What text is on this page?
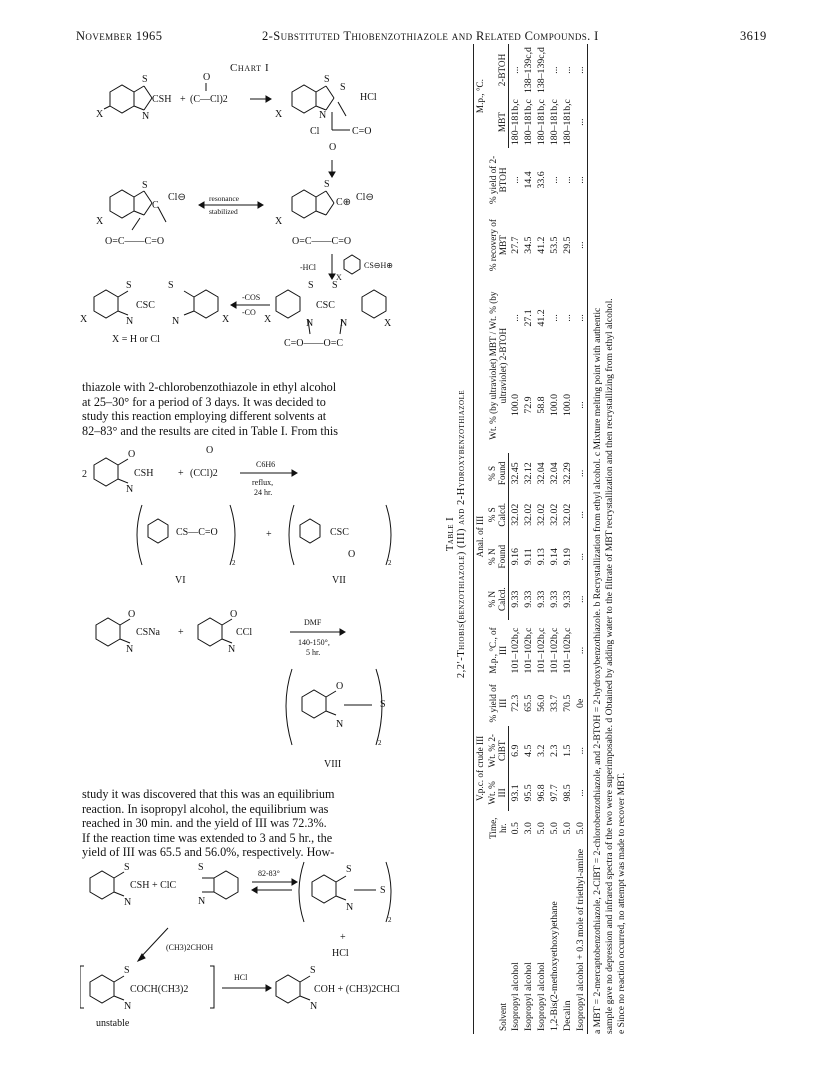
November 1965	2-Substituted Thiobenzothiazole and Related Compounds. I	3619
Chart I
S
CSH
N
X
+
O
(C—Cl)2
S
S
N
X
HCl
Cl	C=O
O
S
C
Cl⊖
X
O=C——C=O
resonance
stabilized
S
C⊕ Cl⊖
X
O=C——C=O
-HCl	CS⊖H⊕
X
S	S
CSC
N	N
X	X
X = H or Cl
-COS
-CO
S S
CSC
N	N
X	X
C=O——O=C
thiazole with 2-chlorobenzothiazole in ethyl alcohol
at 25–30° for a period of 3 days. It was decided to
study this reaction employing different solvents at
82–83° and the results are cited in Table I. From this
2
O
CSH
N
+
O
(CCl)2
C6H6
reflux,
24 hr.
CS—C=O
2
VI
+	CSC
O
2
VII
O
CSNa
N
+
O
CCl
N
DMF
140-150°,
5 hr.
O
N
S
2
VIII
study it was discovered that this was an equilibrium
reaction. In isopropyl alcohol, the equilibrium was
reached in 30 min. and the yield of III was 72.3%.
If the reaction time was extended to 3 and 5 hr., the
yield of III was 65.5 and 56.0%, respectively. How-
S
CSH + ClC
N
S
N
82-83°	S
N
S
2
+
HCl
(CH3)2CHOH
S
COCH(CH3)2
N
HCl
S
COH + (CH3)2CHCl
N
unstable
Table I 2,2′-Thiobis(benzothiazole) (III) and 2-Hydroxybenzothiazole
Solvent	Time, hr.	V.p.c. of crude III		% yield of III	M.p., °C., of III	Anal. of III				Wt. % (by ultraviolet) MBT / Wt. % (by ultraviolet) 2-BTOH		% recovery of MBT	% yield of 2-BTOH	M.p., °C.	
		Wt. % III	Wt. % 2-ClBT			% N Calcd.	% N Found	% S Calcd.	% S Found					MBT	2-BTOH
Isopropyl alcohol	0.5	93.1	6.9	72.3	101–102b,c	9.33	9.16	32.02	32.45	100.0	...	27.7	...	180–181b,c	...
Isopropyl alcohol	3.0	95.5	4.5	65.5	101–102b,c	9.33	9.11	32.02	32.12	72.9	27.1	34.5	14.4	180–181b,c	138–139c,d
Isopropyl alcohol	5.0	96.8	3.2	56.0	101–102b,c	9.33	9.13	32.02	32.04	58.8	41.2	41.2	33.6	180–181b,c	138–139c,d
1,2-Bis(2-methoxyethoxy)ethane	5.0	97.7	2.3	33.7	101–102b,c	9.33	9.14	32.02	32.04	100.0	...	53.5	...	180–181b,c	...
Decalin	5.0	98.5	1.5	70.5	101–102b,c	9.33	9.19	32.02	32.29	100.0	...	29.5	...	180–181b,c	...
Isopropyl alcohol + 0.3 mole of triethyl-amine	5.0	...	...	0e	...	...	...	...	...	...	...	...	...	...	...
a MBT = 2-mercaptobenzothiazole, 2-ClBT = 2-chlorobenzothiazole, and 2-BTOH = 2-hydroxybenzothiazole. b Recrystallization from ethyl alcohol. c Mixture melting point with authentic sample gave no depression and infrared spectra of the two were superimposable. d Obtained by adding water to the filtrate of MBT recrystallization and then recrystallizing from ethyl alcohol. e Since no reaction occurred, no attempt was made to recover MBT.
